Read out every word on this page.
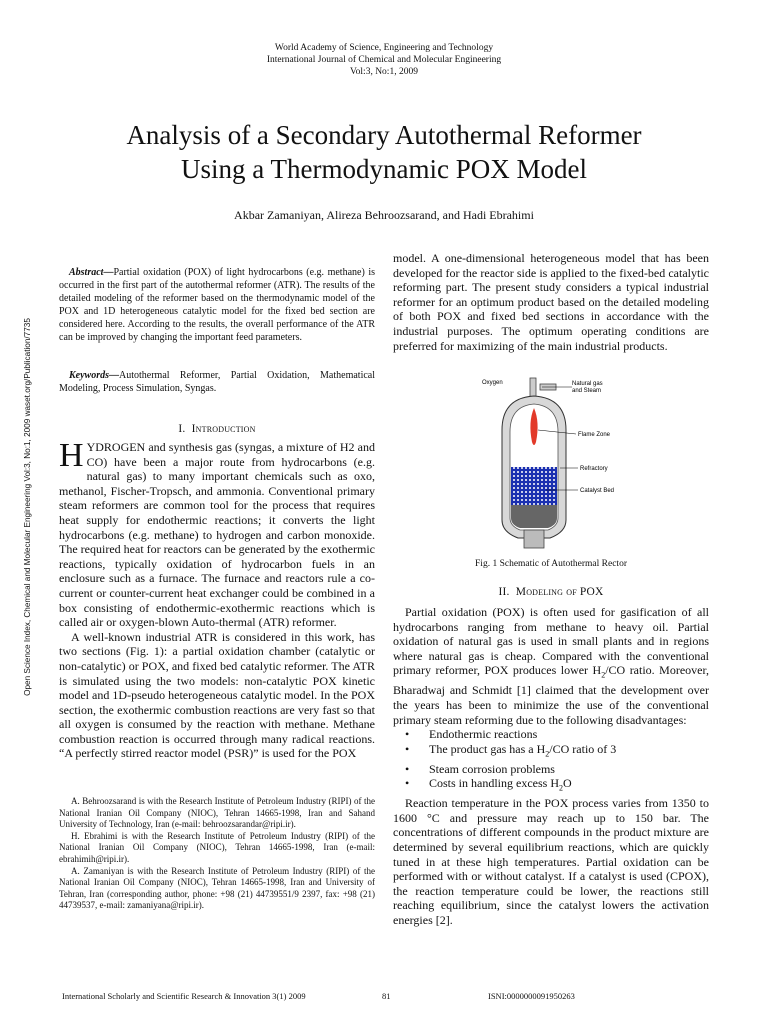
World Academy of Science, Engineering and Technology
International Journal of Chemical and Molecular Engineering
Vol:3, No:1, 2009
Analysis of a Secondary Autothermal Reformer
Using a Thermodynamic POX Model
Akbar Zamaniyan, Alireza Behroozsarand, and Hadi Ebrahimi
Open Science Index, Chemical and Molecular Engineering Vol:3, No:1, 2009 waset.org/Publication/7735
Abstract—Partial oxidation (POX) of light hydrocarbons (e.g. methane) is occurred in the first part of the autothermal reformer (ATR). The results of the detailed modeling of the reformer based on the thermodynamic model of the POX and 1D heterogeneous catalytic model for the fixed bed section are considered here. According to the results, the overall performance of the ATR can be improved by changing the important feed parameters.
Keywords—Autothermal Reformer, Partial Oxidation, Mathematical Modeling, Process Simulation, Syngas.
I. Introduction

HYDROGEN and synthesis gas (syngas, a mixture of H2 and CO) have been a major route from hydrocarbons (e.g. natural gas) to many important chemicals such as oxo, methanol, Fischer-Tropsch, and ammonia. Conventional primary steam reformers are common tool for the process that requires heat supply for endothermic reactions; it converts the light hydrocarbons (e.g. methane) to hydrogen and carbon monoxide. The required heat for reactors can be generated by the exothermic reactions, typically oxidation of hydrocarbon fuels in an enclosure such as a furnace. The furnace and reactors rule a co-current or counter-current heat exchanger could be combined in a box consisting of endothermic-exothermic reactions which is called air or oxygen-blown Auto-thermal (ATR) reformer.

A well-known industrial ATR is considered in this work, has two sections (Fig. 1): a partial oxidation chamber (catalytic or non-catalytic) or POX, and fixed bed catalytic reformer. The ATR is simulated using the two models: non-catalytic POX kinetic model and 1D-pseudo heterogeneous catalytic model. In the POX section, the exothermic combustion reactions are very fast so that all oxygen is consumed by the reaction with methane. Methane combustion reaction is occurred through many radical reactions. “A perfectly stirred reactor model (PSR)” is used for the POX

A. Behroozsarand is with the Research Institute of Petroleum Industry (RIPI) of the National Iranian Oil Company (NIOC), Tehran 14665-1998, Iran and Sahand University of Technology, Iran (e-mail: behroozsarandar@ripi.ir).

H. Ebrahimi is with the Research Institute of Petroleum Industry (RIPI) of the National Iranian Oil Company (NIOC), Tehran 14665-1998, Iran (e-mail: ebrahimih@ripi.ir).

A. Zamaniyan is with the Research Institute of Petroleum Industry (RIPI) of the National Iranian Oil Company (NIOC), Tehran 14665-1998, Iran and University of Tehran, Iran (corresponding author, phone: +98 (21) 44739551/9 2397, fax: +98 (21) 44739537, e-mail: zamaniyana@ripi.ir).

model. A one-dimensional heterogeneous model that has been developed for the reactor side is applied to the fixed-bed catalytic reforming part. The present study considers a typical industrial reformer for an optimum product based on the detailed modeling of both POX and fixed bed sections in accordance with the industrial purposes. The optimum operating conditions are preferred for maximizing of the main industrial products.
Oxygen	Natural gas
and Steam
Flame Zone
Refractory
Catalyst Bed
Fig. 1 Schematic of Autothermal Rector
II. Modeling of POX

Partial oxidation (POX) is often used for gasification of all hydrocarbons ranging from methane to heavy oil. Partial oxidation of natural gas is used in small plants and in regions where natural gas is cheap. Compared with the conventional primary reformer, POX produces lower $H_2/CO$ ratio. Moreover, Bharadwaj and Schmidt [1] claimed that the development over the years has been to minimize the use of the conventional primary steam reforming due to the following disadvantages:

• Endothermic reactions
• The product gas has a $H_2/CO$ ratio of 3
• Steam corrosion problems
• Costs in handling excess $H_2O$

Reaction temperature in the POX process varies from 1350 to 1600 °C and pressure may reach up to 150 bar. The concentrations of different compounds in the product mixture are determined by several equilibrium reactions, which are quickly tuned in at these high temperatures. Partial oxidation can be performed with or without catalyst. If a catalyst is used (CPOX), the reaction temperature could be lower, the reactions still reaching equilibrium, since the catalyst lowers the activation energies [2].

International Scholarly and Scientific Research & Innovation 3(1) 2009	81	ISNI:0000000091950263
